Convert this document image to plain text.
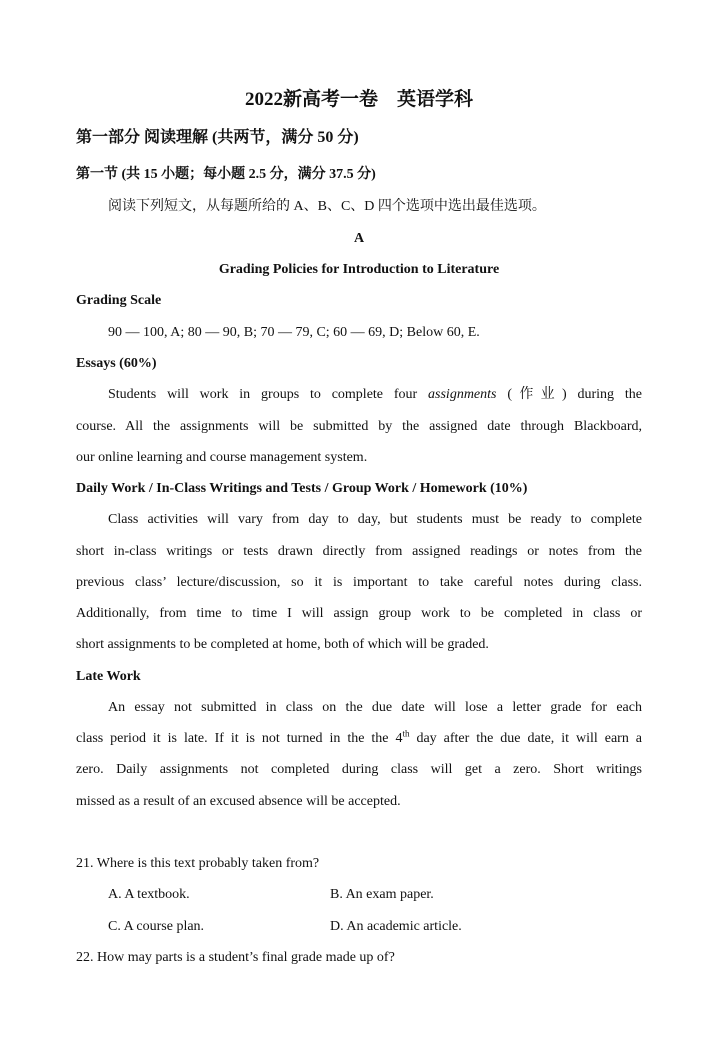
2022新高考一卷　英语学科
第一部分 阅读理解 (共两节，满分 50 分)
第一节 (共 15 小题；每小题 2.5 分，满分 37.5 分)
阅读下列短文，从每题所给的 A、B、C、D 四个选项中选出最佳选项。
A
Grading Policies for Introduction to Literature
Grading Scale
90 — 100, A; 80 — 90, B; 70 — 79, C; 60 — 69, D; Below 60, E.
Essays (60%)
Students will work in groups to complete four assignments (作业) during the
course. All the assignments will be submitted by the assigned date through Blackboard,
our online learning and course management system.
Daily Work / In-Class Writings and Tests / Group Work / Homework (10%)
Class activities will vary from day to day, but students must be ready to complete
short in-class writings or tests drawn directly from assigned readings or notes from the
previous class’ lecture/discussion, so it is important to take careful notes during class.
Additionally, from time to time I will assign group work to be completed in class or
short assignments to be completed at home, both of which will be graded.
Late Work
An essay not submitted in class on the due date will lose a letter grade for each
class period it is late. If it is not turned in the the 4th day after the due date, it will earn a
zero. Daily assignments not completed during class will get a zero. Short writings
missed as a result of an excused absence will be accepted.
21. Where is this text probably taken from?
A. A textbook.	B. An exam paper.
C. A course plan.	D. An academic article.
22. How may parts is a student’s final grade made up of?
